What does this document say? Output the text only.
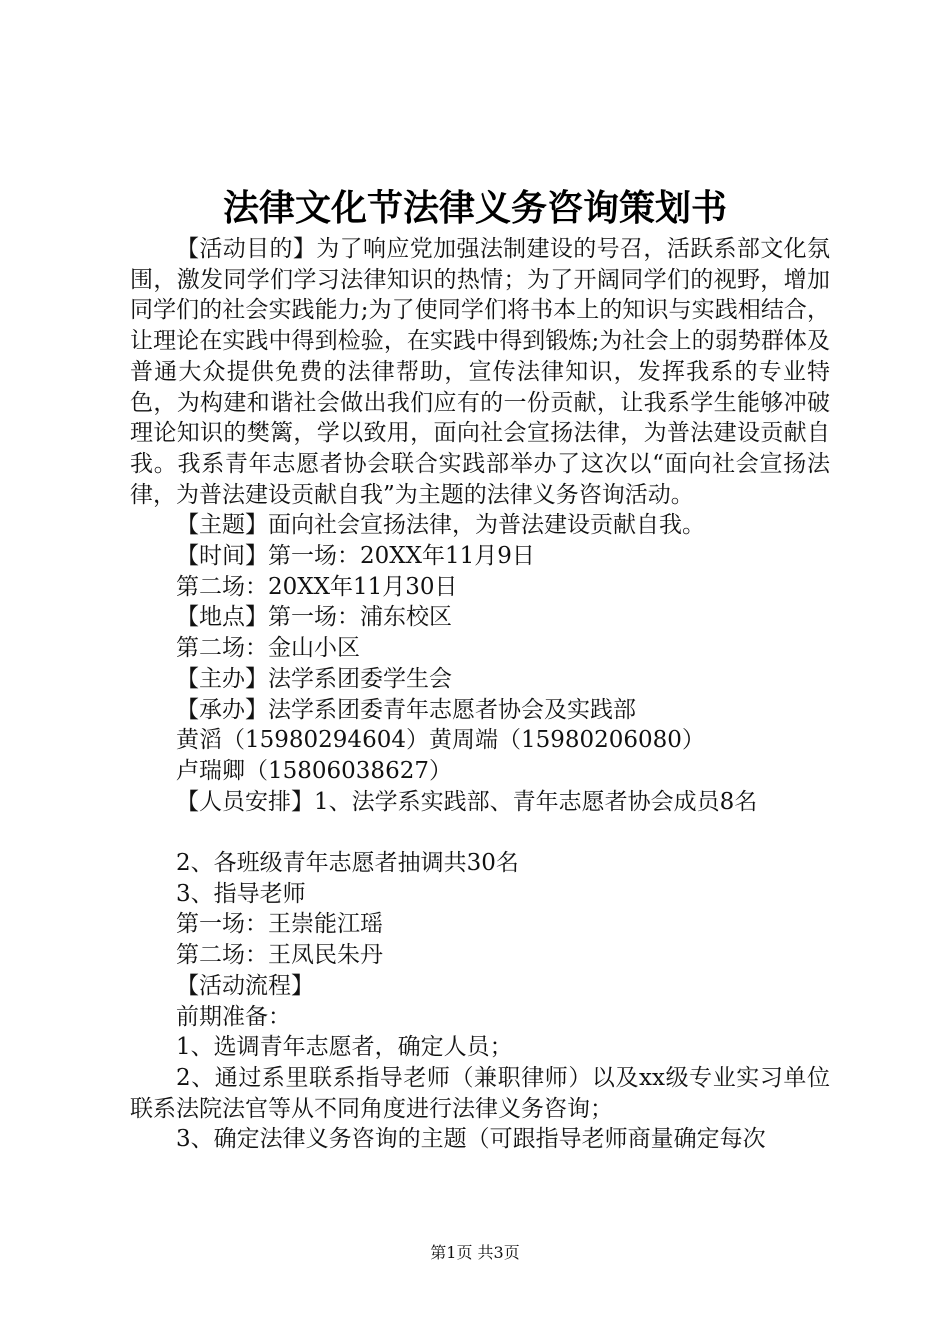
法律文化节法律义务咨询策划书

【活动目的】为了响应党加强法制建设的号召，活跃系部文化氛围，激发同学们学习法律知识的热情；为了开阔同学们的视野，增加同学们的社会实践能力;为了使同学们将书本上的知识与实践相结合，让理论在实践中得到检验，在实践中得到锻炼;为社会上的弱势群体及普通大众提供免费的法律帮助，宣传法律知识，发挥我系的专业特色，为构建和谐社会做出我们应有的一份贡献，让我系学生能够冲破理论知识的樊篱，学以致用，面向社会宣扬法律，为普法建设贡献自我。我系青年志愿者协会联合实践部举办了这次以“面向社会宣扬法律，为普法建设贡献自我”为主题的法律义务咨询活动。

【主题】面向社会宣扬法律，为普法建设贡献自我。

【时间】第一场：20XX年11月9日

第二场：20XX年11月30日

【地点】第一场：浦东校区

第二场：金山小区

【主办】法学系团委学生会

【承办】法学系团委青年志愿者协会及实践部

黄滔（15980294604）黄周端（15980206080）

卢瑞卿（15806038627）

【人员安排】1、法学系实践部、青年志愿者协会成员8名

2、各班级青年志愿者抽调共30名

3、指导老师

第一场：王崇能江瑶

第二场：王凤民朱丹

【活动流程】

前期准备：

1、选调青年志愿者，确定人员；

2、通过系里联系指导老师（兼职律师）以及xx级专业实习单位联系法院法官等从不同角度进行法律义务咨询；

3、确定法律义务咨询的主题（可跟指导老师商量确定每次

第1页 共3页
